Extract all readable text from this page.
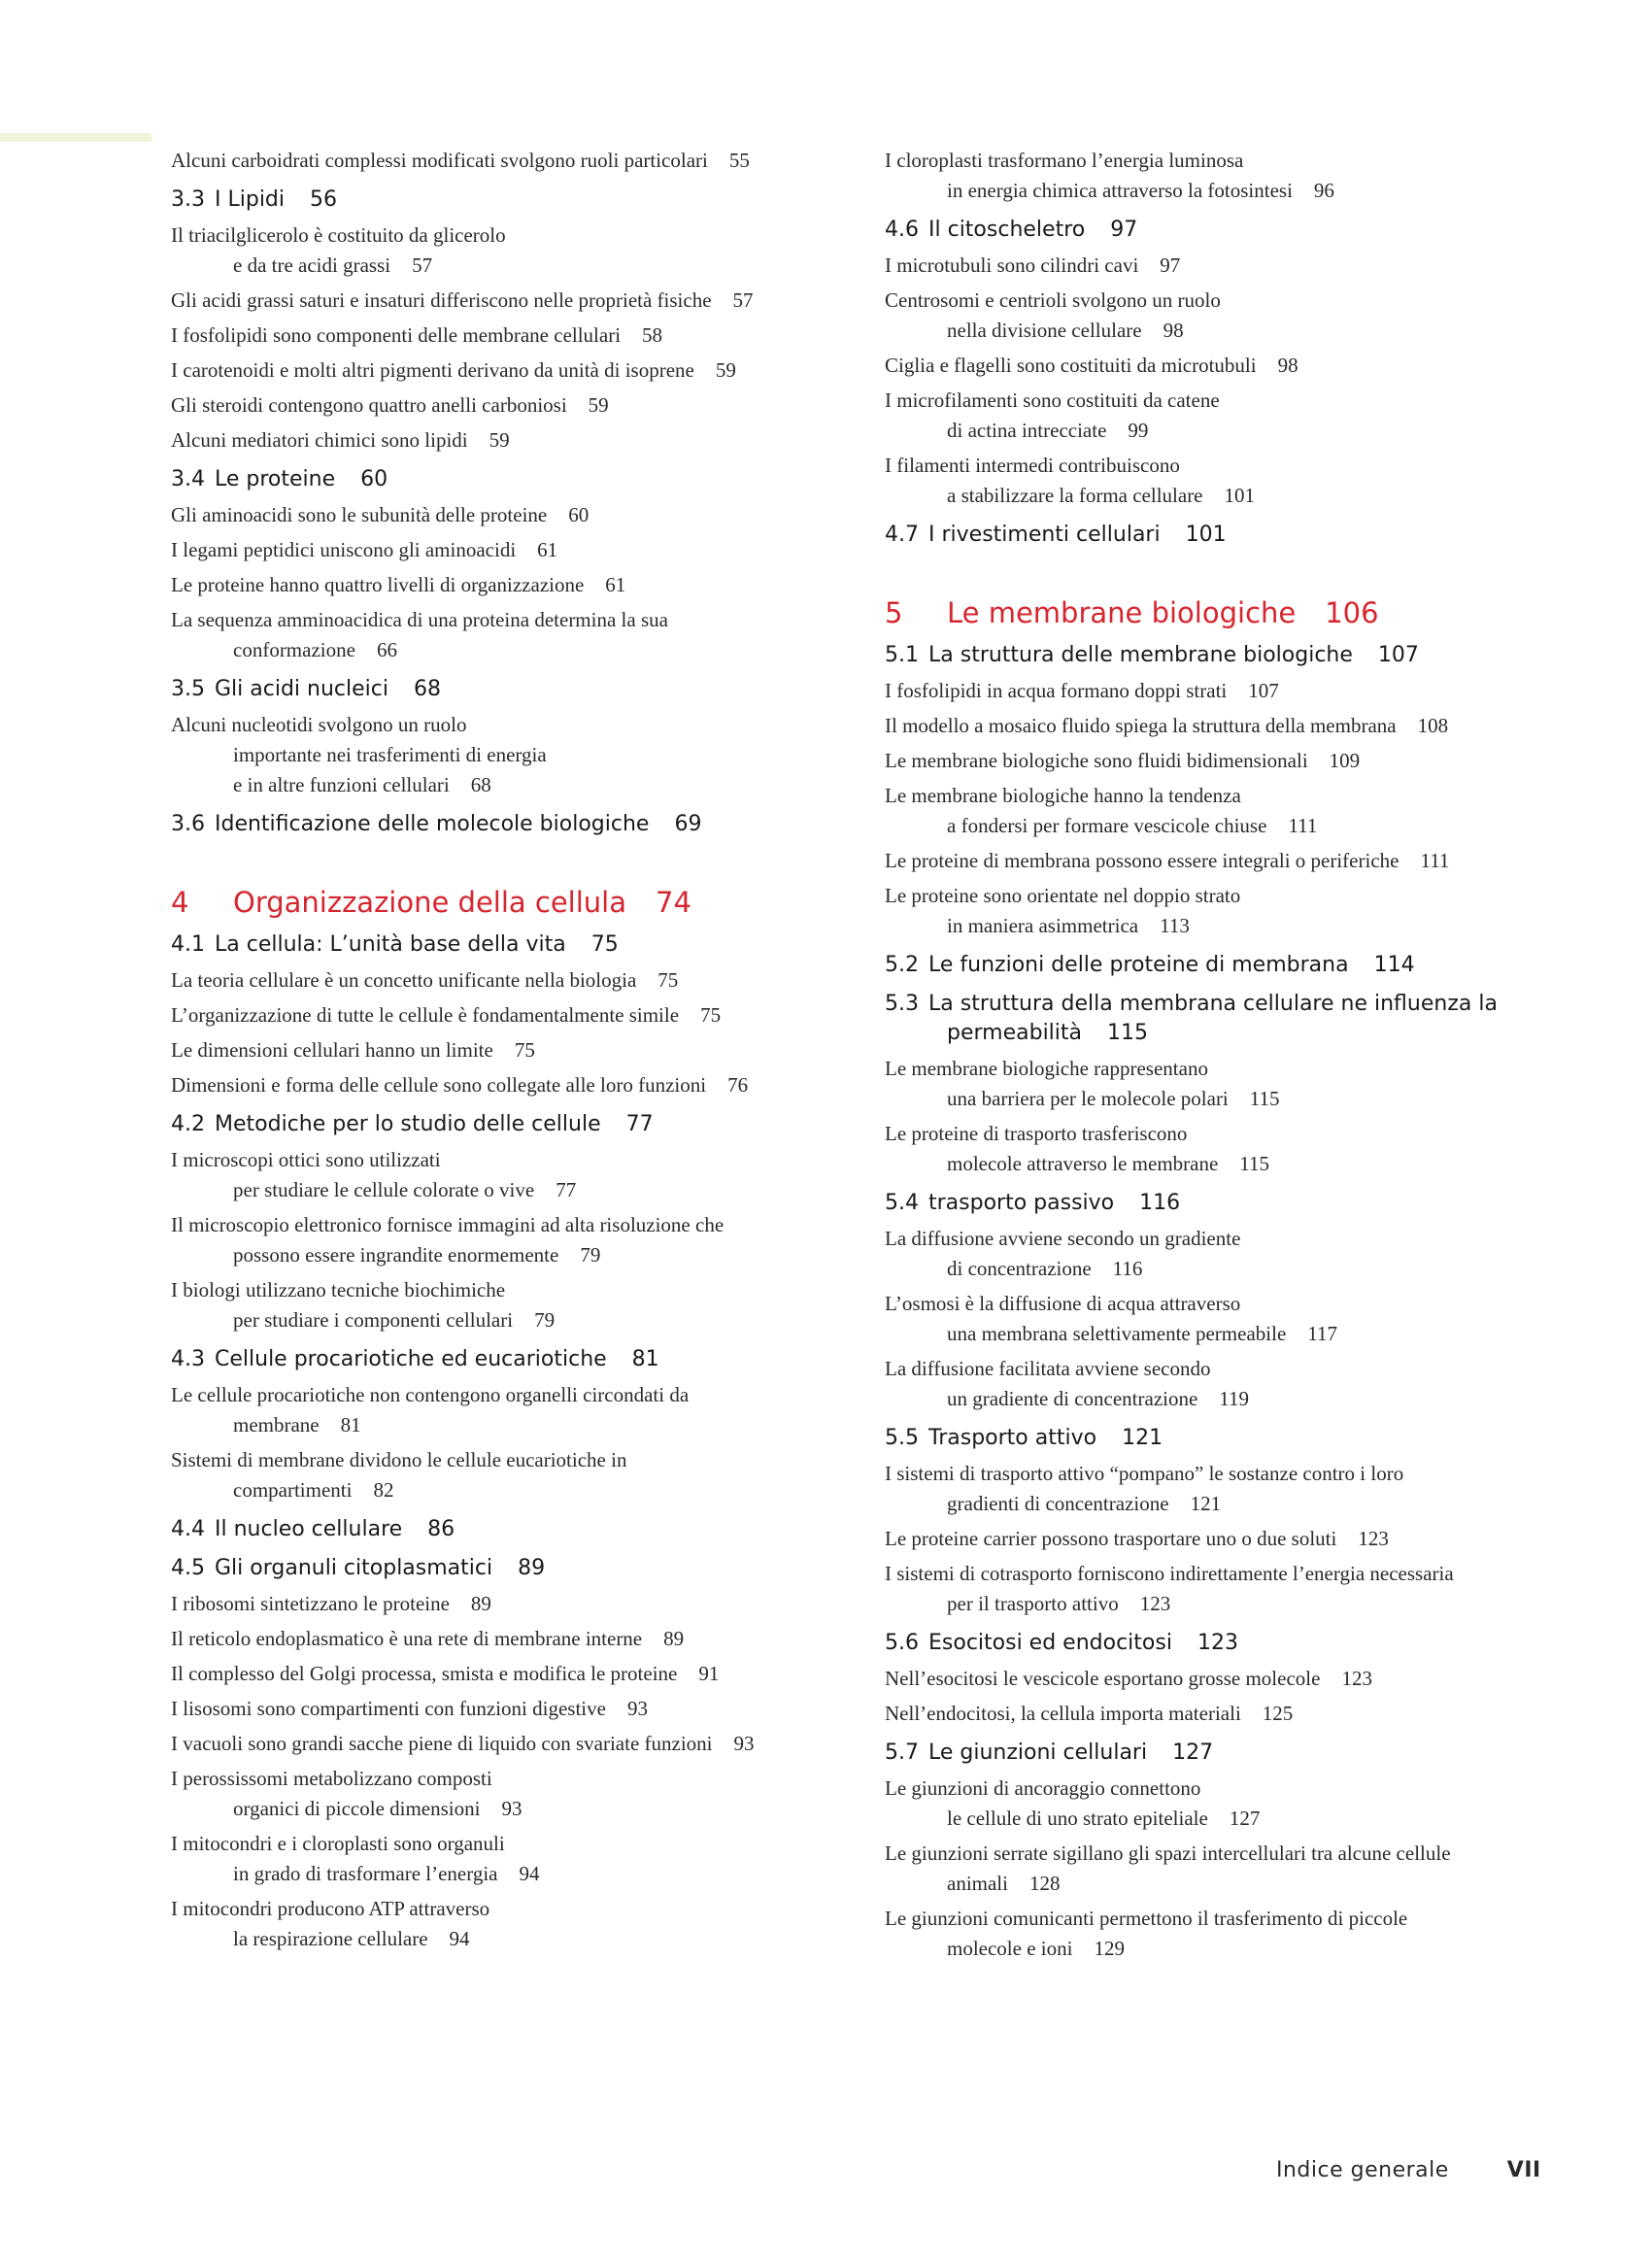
Alcuni carboidrati complessi modificati svolgono ruoli particolari 55
3.3 I Lipidi 56
Il triacilglicerolo è costituito da glicerolo
e da tre acidi grassi 57
Gli acidi grassi saturi e insaturi differiscono nelle proprietà fisiche 57
I fosfolipidi sono componenti delle membrane cellulari 58
I carotenoidi e molti altri pigmenti derivano da unità di isoprene 59
Gli steroidi contengono quattro anelli carboniosi 59
Alcuni mediatori chimici sono lipidi 59
3.4 Le proteine 60
Gli aminoacidi sono le subunità delle proteine 60
I legami peptidici uniscono gli aminoacidi 61
Le proteine hanno quattro livelli di organizzazione 61
La sequenza amminoacidica di una proteina determina la sua
conformazione 66
3.5 Gli acidi nucleici 68
Alcuni nucleotidi svolgono un ruolo
importante nei trasferimenti di energia
e in altre funzioni cellulari 68
3.6 Identificazione delle molecole biologiche 69
4 Organizzazione della cellula 74
4.1 La cellula: L’unità base della vita 75
La teoria cellulare è un concetto unificante nella biologia 75
L’organizzazione di tutte le cellule è fondamentalmente simile 75
Le dimensioni cellulari hanno un limite 75
Dimensioni e forma delle cellule sono collegate alle loro funzioni 76
4.2 Metodiche per lo studio delle cellule 77
I microscopi ottici sono utilizzati
per studiare le cellule colorate o vive 77
Il microscopio elettronico fornisce immagini ad alta risoluzione che
possono essere ingrandite enormemente 79
I biologi utilizzano tecniche biochimiche
per studiare i componenti cellulari 79
4.3 Cellule procariotiche ed eucariotiche 81
Le cellule procariotiche non contengono organelli circondati da
membrane 81
Sistemi di membrane dividono le cellule eucariotiche in
compartimenti 82
4.4 Il nucleo cellulare 86
4.5 Gli organuli citoplasmatici 89
I ribosomi sintetizzano le proteine 89
Il reticolo endoplasmatico è una rete di membrane interne 89
Il complesso del Golgi processa, smista e modifica le proteine 91
I lisosomi sono compartimenti con funzioni digestive 93
I vacuoli sono grandi sacche piene di liquido con svariate funzioni 93
I perossissomi metabolizzano composti
organici di piccole dimensioni 93
I mitocondri e i cloroplasti sono organuli
in grado di trasformare l’energia 94
I mitocondri producono ATP attraverso
la respirazione cellulare 94
I cloroplasti trasformano l’energia luminosa
in energia chimica attraverso la fotosintesi 96
4.6 Il citoscheletro 97
I microtubuli sono cilindri cavi 97
Centrosomi e centrioli svolgono un ruolo
nella divisione cellulare 98
Ciglia e flagelli sono costituiti da microtubuli 98
I microfilamenti sono costituiti da catene
di actina intrecciate 99
I filamenti intermedi contribuiscono
a stabilizzare la forma cellulare 101
4.7 I rivestimenti cellulari 101
5 Le membrane biologiche 106
5.1 La struttura delle membrane biologiche 107
I fosfolipidi in acqua formano doppi strati 107
Il modello a mosaico fluido spiega la struttura della membrana 108
Le membrane biologiche sono fluidi bidimensionali 109
Le membrane biologiche hanno la tendenza
a fondersi per formare vescicole chiuse 111
Le proteine di membrana possono essere integrali o periferiche 111
Le proteine sono orientate nel doppio strato
in maniera asimmetrica 113
5.2 Le funzioni delle proteine di membrana 114
5.3 La struttura della membrana cellulare ne influenza la
permeabilità 115
Le membrane biologiche rappresentano
una barriera per le molecole polari 115
Le proteine di trasporto trasferiscono
molecole attraverso le membrane 115
5.4 trasporto passivo 116
La diffusione avviene secondo un gradiente
di concentrazione 116
L’osmosi è la diffusione di acqua attraverso
una membrana selettivamente permeabile 117
La diffusione facilitata avviene secondo
un gradiente di concentrazione 119
5.5 Trasporto attivo 121
I sistemi di trasporto attivo “pompano” le sostanze contro i loro
gradienti di concentrazione 121
Le proteine carrier possono trasportare uno o due soluti 123
I sistemi di cotrasporto forniscono indirettamente l’energia necessaria
per il trasporto attivo 123
5.6 Esocitosi ed endocitosi 123
Nell’esocitosi le vescicole esportano grosse molecole 123
Nell’endocitosi, la cellula importa materiali 125
5.7 Le giunzioni cellulari 127
Le giunzioni di ancoraggio connettono
le cellule di uno strato epiteliale 127
Le giunzioni serrate sigillano gli spazi intercellulari tra alcune cellule
animali 128
Le giunzioni comunicanti permettono il trasferimento di piccole
molecole e ioni 129
Indice generale	VII
